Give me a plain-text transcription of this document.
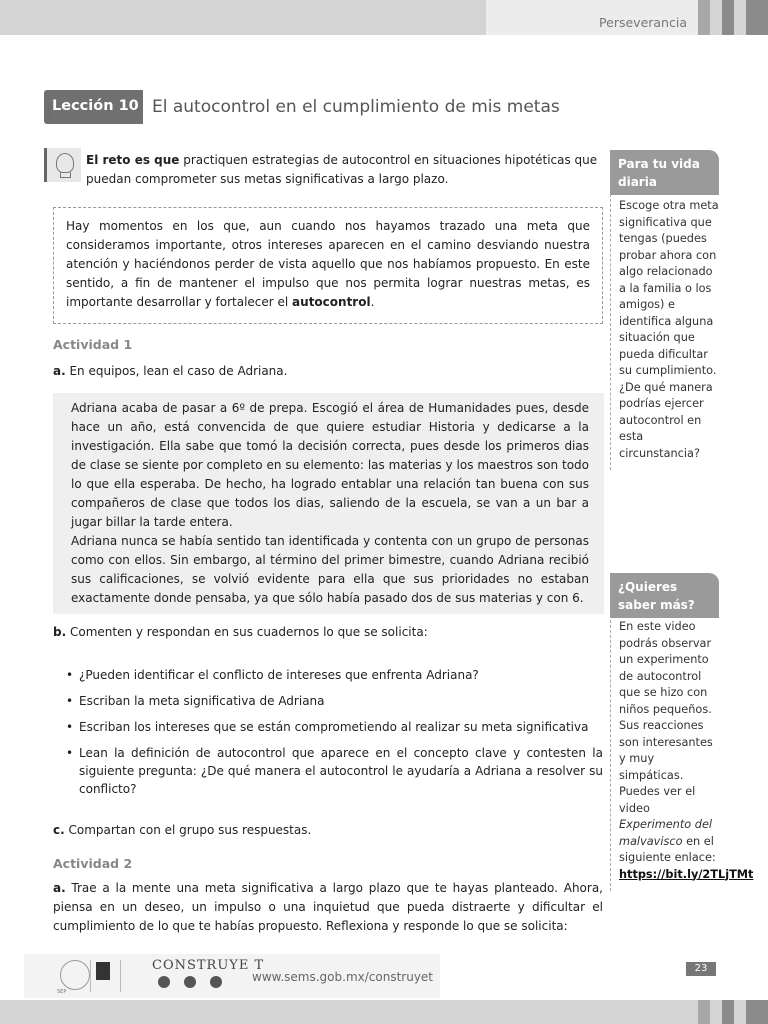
Perseverancia
Lección 10 El autocontrol en el cumplimiento de mis metas
El reto es que practiquen estrategias de autocontrol en situaciones hipotéticas que puedan comprometer sus metas significativas a largo plazo.
Hay momentos en los que, aun cuando nos hayamos trazado una meta que consideramos importante, otros intereses aparecen en el camino desviando nuestra atención y haciéndonos perder de vista aquello que nos habíamos propuesto. En este sentido, a fin de mantener el impulso que nos permita lograr nuestras metas, es importante desarrollar y fortalecer el autocontrol.
Actividad 1
a. En equipos, lean el caso de Adriana.
Adriana acaba de pasar a 6º de prepa. Escogió el área de Humanidades pues, desde hace un año, está convencida de que quiere estudiar Historia y dedicarse a la investigación. Ella sabe que tomó la decisión correcta, pues desde los primeros dias de clase se siente por completo en su elemento: las materias y los maestros son todo lo que ella esperaba. De hecho, ha logrado entablar una relación tan buena con sus compañeros de clase que todos los dias, saliendo de la escuela, se van a un bar a jugar billar la tarde entera.
Adriana nunca se había sentido tan identificada y contenta con un grupo de personas como con ellos. Sin embargo, al término del primer bimestre, cuando Adriana recibió sus calificaciones, se volvió evidente para ella que sus prioridades no estaban exactamente donde pensaba, ya que sólo había pasado dos de sus materias y con 6.
b. Comenten y respondan en sus cuadernos lo que se solicita:
• ¿Pueden identificar el conflicto de intereses que enfrenta Adriana?
• Escriban la meta significativa de Adriana
• Escriban los intereses que se están comprometiendo al realizar su meta significativa
• Lean la definición de autocontrol que aparece en el concepto clave y contesten la siguiente pregunta: ¿De qué manera el autocontrol le ayudaría a Adriana a resolver su conflicto?
c. Compartan con el grupo sus respuestas.
Actividad 2
a. Trae a la mente una meta significativa a largo plazo que te hayas planteado. Ahora, piensa en un deseo, un impulso o una inquietud que pueda distraerte y dificultar el cumplimiento de lo que te habías propuesto. Reflexiona y responde lo que se solicita:
Para tu vida diaria
Escoge otra meta significativa que tengas (puedes probar ahora con algo relacionado a la familia o los amigos) e identifica alguna situación que pueda dificultar su cumplimiento. ¿De qué manera podrías ejercer autocontrol en esta circunstancia?
¿Quieres saber más?
En este video podrás observar un experimento de autocontrol que se hizo con niños pequeños. Sus reacciones son interesantes y muy simpáticas. Puedes ver el video Experimento del malvavisco en el siguiente enlace:
https://bit.ly/2TLjTMt
SEP
CONSTRUYE T
www.sems.gob.mx/construyet
23
